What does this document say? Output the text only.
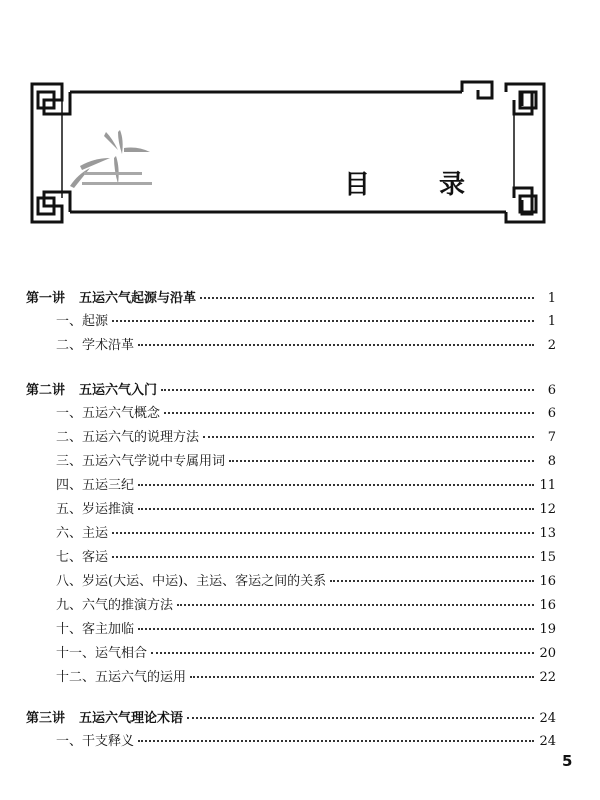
目 录
第一讲 五运六气起源与沿革	1
一、起源	1
二、学术沿革	2
第二讲 五运六气入门	6
一、五运六气概念	6
二、五运六气的说理方法	7
三、五运六气学说中专属用词	8
四、五运三纪	11
五、岁运推演	12
六、主运	13
七、客运	15
八、岁运(大运、中运)、主运、客运之间的关系	16
九、六气的推演方法	16
十、客主加临	19
十一、运气相合	20
十二、五运六气的运用	22
第三讲 五运六气理论术语	24
一、干支释义	24
5
